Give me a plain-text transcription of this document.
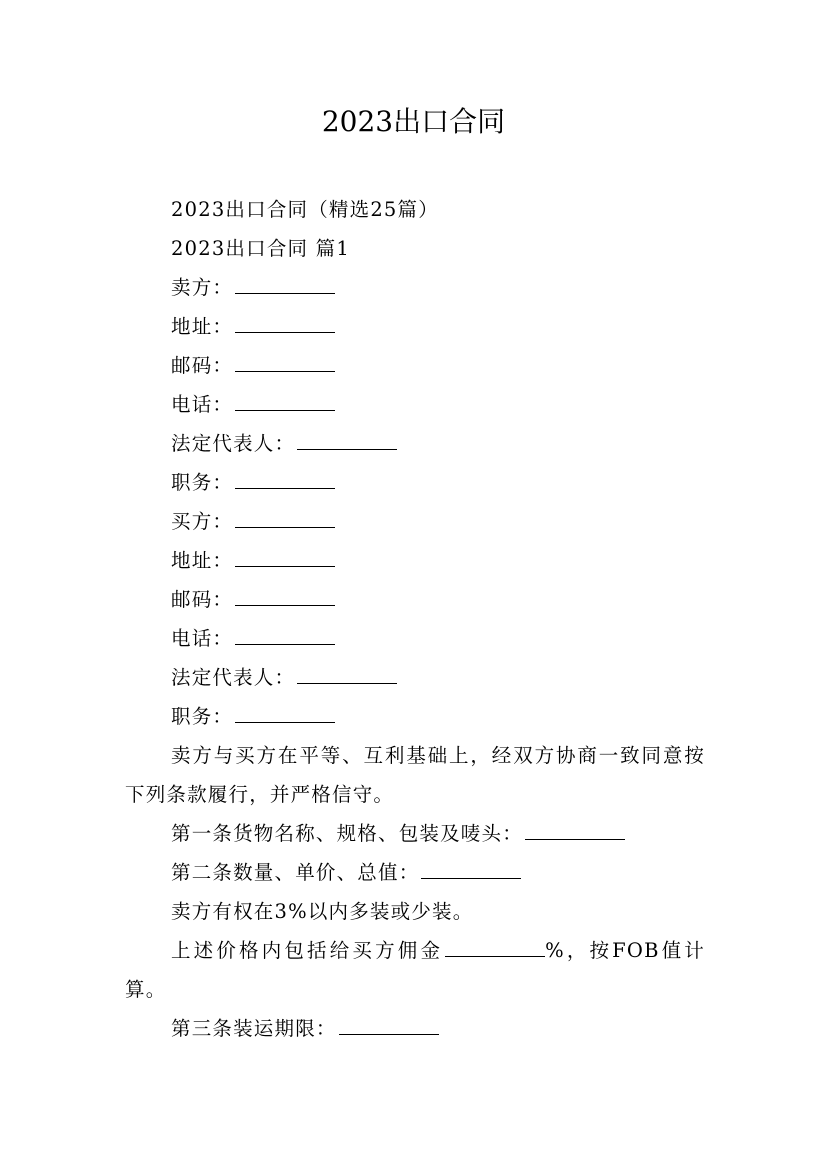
2023出口合同
2023出口合同（精选25篇）
2023出口合同 篇1
卖方：
地址：
邮码：
电话：
法定代表人：
职务：
买方：
地址：
邮码：
电话：
法定代表人：
职务：

卖方与买方在平等、互利基础上，经双方协商一致同意按下列条款履行，并严格信守。

第一条货物名称、规格、包装及唛头：
第二条数量、单价、总值：
卖方有权在3%以内多装或少装。

上述价格内包括给买方佣金	%，按FOB值计算。

第三条装运期限：
